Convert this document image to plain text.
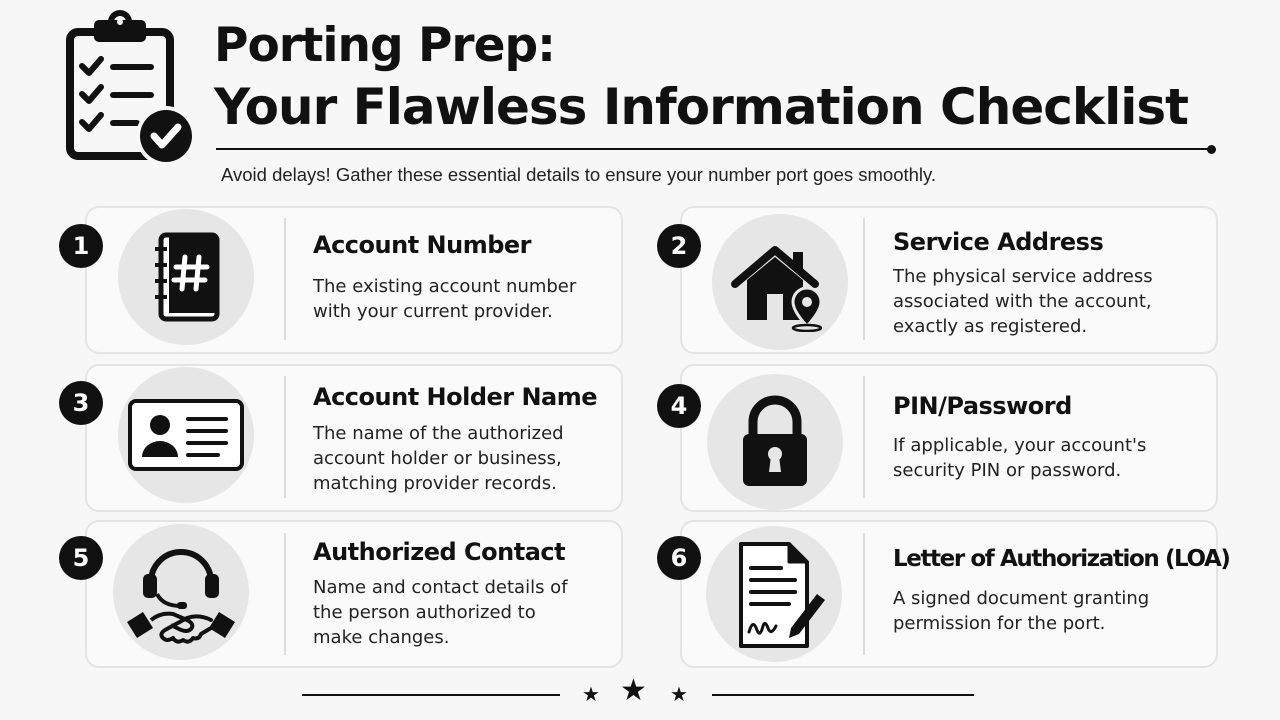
Porting Prep:
Your Flawless Information Checklist
Avoid delays! Gather these essential details to ensure your number port goes smoothly.
1	Account Number
The existing account number with your current provider.
2	Service Address
The physical service address associated with the account, exactly as registered.
3	Account Holder Name
The name of the authorized account holder or business, matching provider records.
4	PIN/Password
If applicable, your account's security PIN or password.
5	Authorized Contact
Name and contact details of the person authorized to make changes.
6	Letter of Authorization (LOA)
A signed document granting permission for the port.
★ ★ ★
